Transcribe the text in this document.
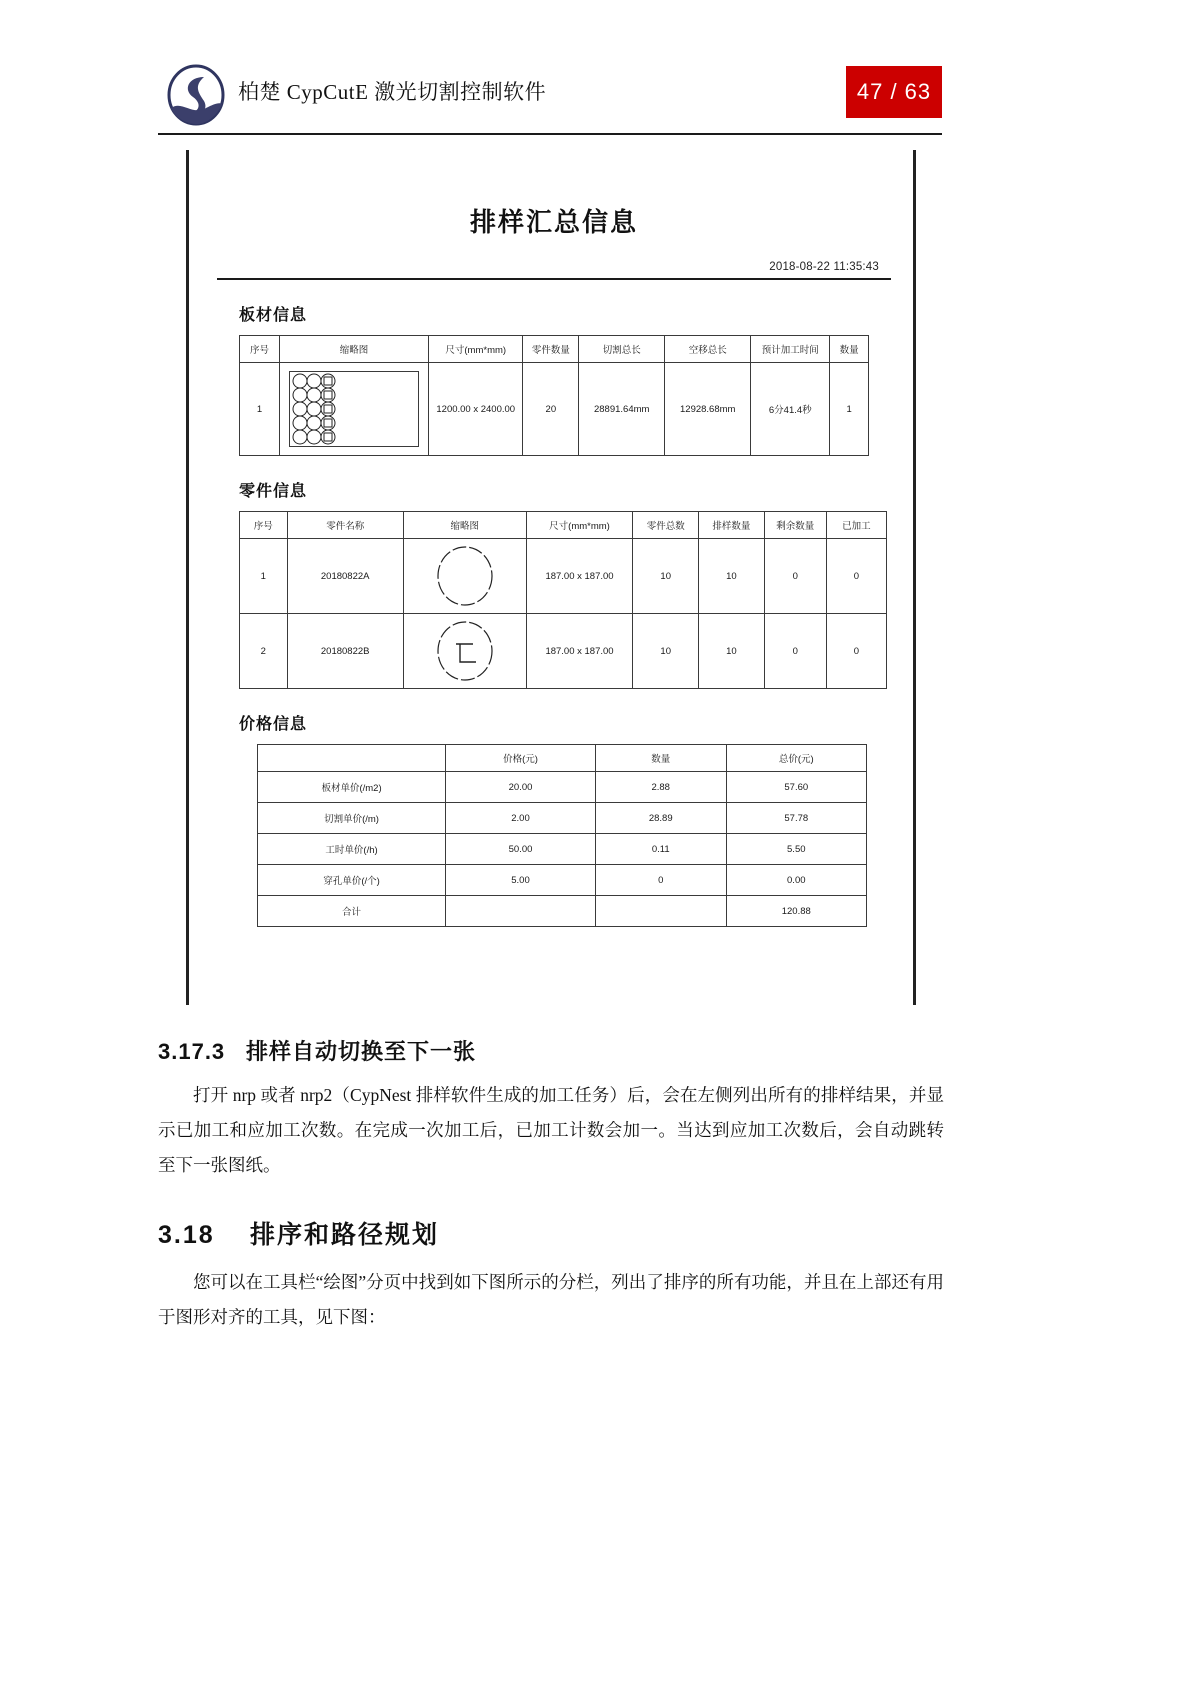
柏楚 CypCutE 激光切割控制软件	47 / 63
排样汇总信息
2018-08-22 11:35:43
板材信息
序号	缩略图	尺寸(mm*mm)	零件数量	切割总长	空移总长	预计加工时间	数量
1		1200.00 x 2400.00	20	28891.64mm	12928.68mm	6分41.4秒	1
零件信息
序号	零件名称	缩略图	尺寸(mm*mm)	零件总数	排样数量	剩余数量	已加工
1	20180822A		187.00 x 187.00	10	10	0	0
2	20180822B		187.00 x 187.00	10	10	0	0
价格信息
	价格(元)	数量	总价(元)
板材单价(/m2)	20.00	2.88	57.60
切割单价(/m)	2.00	28.89	57.78
工时单价(/h)	50.00	0.11	5.50
穿孔单价(/个)	5.00	0	0.00
合计			120.88
3.17.3 排样自动切换至下一张
打开 nrp 或者 nrp2（CypNest 排样软件生成的加工任务）后，会在左侧列出所有的排样结果，并显示已加工和应加工次数。在完成一次加工后，已加工计数会加一。当达到应加工次数后，会自动跳转至下一张图纸。
3.18 排序和路径规划
您可以在工具栏“绘图”分页中找到如下图所示的分栏，列出了排序的所有功能，并且在上部还有用于图形对齐的工具，见下图：
